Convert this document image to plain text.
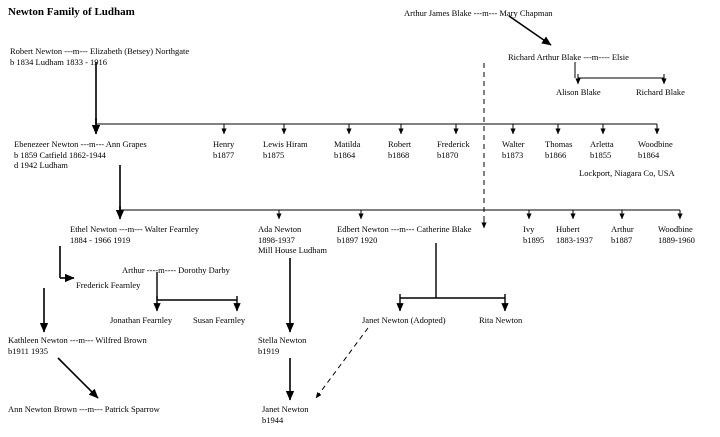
Newton Family of Ludham	Arthur James Blake ---m--- Mary Chapman
Robert Newton ---m--- Elizabeth (Betsey) Northgate
b 1834 Ludham 1833 - 1916	Richard Arthur Blake ---m---- Elsie
Alison Blake	Richard Blake
Ebenezeer Newton ---m--- Ann Grapes
b 1859 Catfield 1862-1944
d 1942 Ludham
Henry
b1877
Lewis Hiram
b1875
Matilda
b1864
Robert
b1868
Frederick
b1870
Walter
b1873
Thomas
b1866
Arletta
b1855
Woodbine
b1864
Lockport, Niagara Co, USA
Ethel Newton ---m--- Walter Fearnley
1884 - 1966 1919
Ada Newton
1898-1937
Mill House Ludham
Edbert Newton ---m--- Catherine Blake
b1897 1920
Ivy
b1895
Hubert
1883-1937
Arthur
b1887
Woodbine
1889-1960
Arthur ----m---- Dorothy Darby
Frederick Fearnley
Jonathan Fearnley Susan Fearnley	Janet Newton (Adopted)	Rita Newton
Kathleen Newton ---m--- Wilfred Brown
b1911 1935
Stella Newton
b1919
Ann Newton Brown ---m--- Patrick Sparrow	Janet Newton
b1944
